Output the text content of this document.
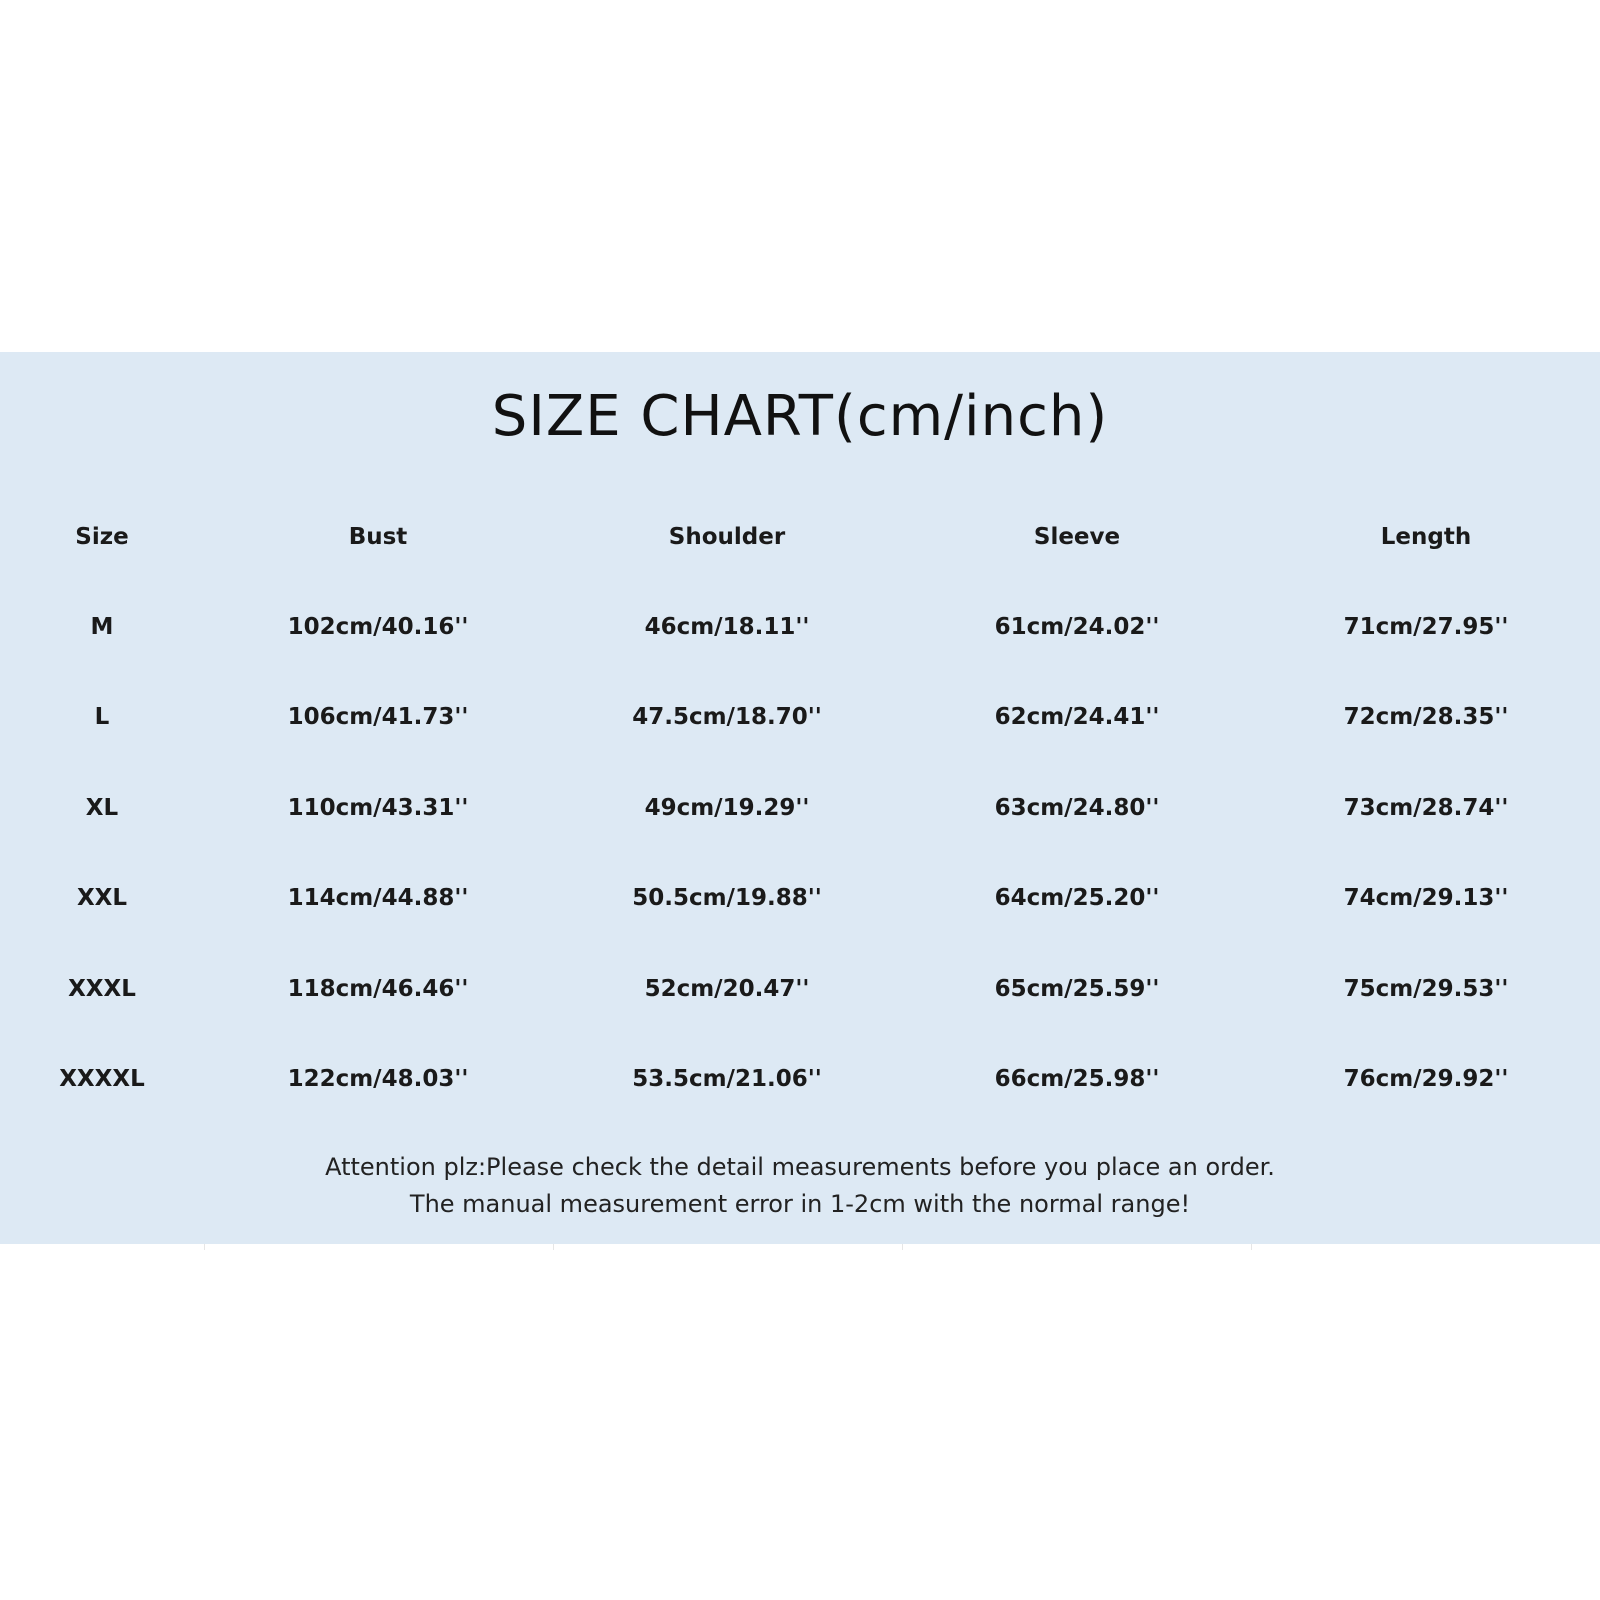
SIZE CHART(cm/inch)
Size	Bust	Shoulder	Sleeve	Length
M	102cm/40.16''	46cm/18.11''	61cm/24.02''	71cm/27.95''
L	106cm/41.73''	47.5cm/18.70''	62cm/24.41''	72cm/28.35''
XL	110cm/43.31''	49cm/19.29''	63cm/24.80''	73cm/28.74''
XXL	114cm/44.88''	50.5cm/19.88''	64cm/25.20''	74cm/29.13''
XXXL	118cm/46.46''	52cm/20.47''	65cm/25.59''	75cm/29.53''
XXXXL	122cm/48.03''	53.5cm/21.06''	66cm/25.98''	76cm/29.92''
Attention plz:Please check the detail measurements before you place an order.
The manual measurement error in 1-2cm with the normal range!
